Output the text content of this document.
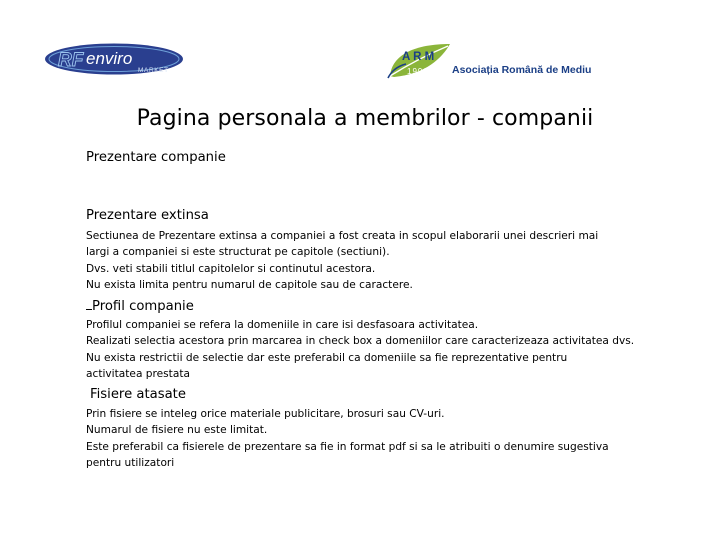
RF enviro
MARKET
A R M
1990 Asociația Română de Mediu
Pagina personala a membrilor - companii
Prezentare companie
Prezentare extinsa
Sectiunea de Prezentare extinsa a companiei a fost creata in scopul elaborarii unei descrieri mai
largi a companiei si este structurat pe capitole (sectiuni).
Dvs. veti stabili titlul capitolelor si continutul acestora.
Nu exista limita pentru numarul de capitole sau de caractere.
Profil companie
Profilul companiei se refera la domeniile in care isi desfasoara activitatea.
Realizati selectia acestora prin marcarea in check box a domeniilor care caracterizeaza activitatea dvs.
Nu exista restrictii de selectie dar este preferabil ca domeniile sa fie reprezentative pentru
activitatea prestata
Fisiere atasate
Prin fisiere se inteleg orice materiale publicitare, brosuri sau CV-uri.
Numarul de fisiere nu este limitat.
Este preferabil ca fisierele de prezentare sa fie in format pdf si sa le atribuiti o denumire sugestiva
pentru utilizatori
